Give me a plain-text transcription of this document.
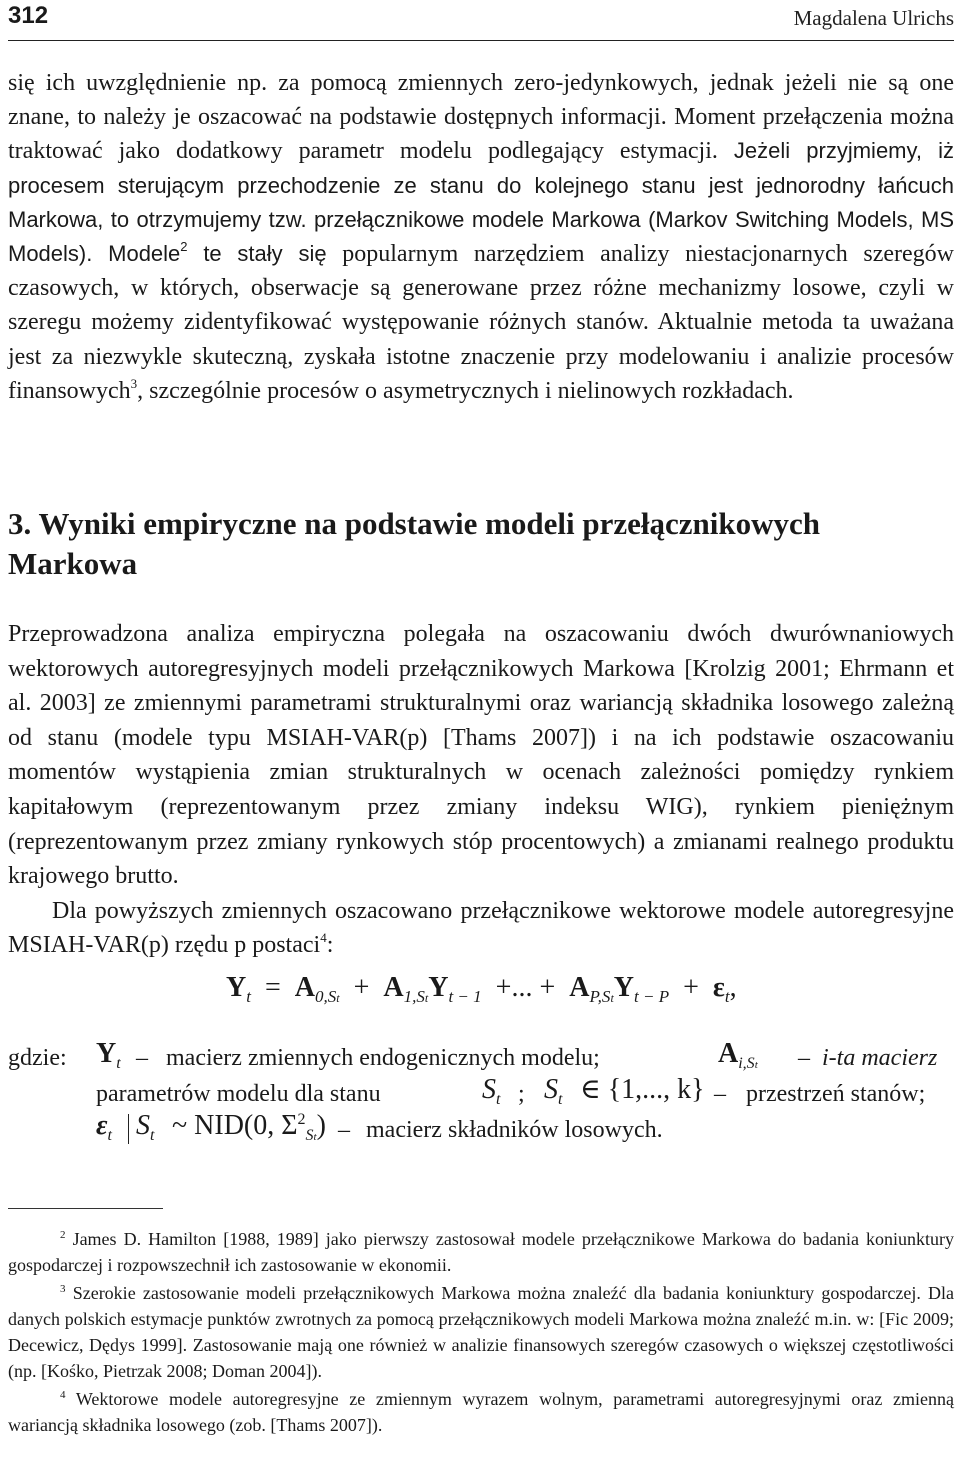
312	Magdalena Ulrichs

się ich uwzględnienie np. za pomocą zmiennych zero-jedynkowych, jednak jeżeli nie są one znane, to należy je oszacować na podstawie dostępnych informacji. Moment przełączenia można traktować jako dodatkowy parametr modelu podlegający estymacji. Jeżeli przyjmiemy, iż procesem sterującym przechodzenie ze stanu do kolejnego stanu jest jednorodny łańcuch Markowa, to otrzymujemy tzw. przełącznikowe modele Markowa (Markov Switching Models, MS Models). Modele$^2$ te stały się popularnym narzędziem analizy niestacjonarnych szeregów czasowych, w których, obserwacje są generowane przez różne mechanizmy losowe, czyli w szeregu możemy zidentyfikować występowanie różnych stanów. Aktualnie metoda ta uważana jest za niezwykle skuteczną, zyskała istotne znaczenie przy modelowaniu i analizie procesów finansowych$^3$, szczególnie procesów o asymetrycznych i nielinowych rozkładach.

3. Wyniki empiryczne na podstawie modeli przełącznikowych Markowa

Przeprowadzona analiza empiryczna polegała na oszacowaniu dwóch dwurównaniowych wektorowych autoregresyjnych modeli przełącznikowych Markowa [Krolzig 2001; Ehrmann et al. 2003] ze zmiennymi parametrami strukturalnymi oraz wariancją składnika losowego zależną od stanu (modele typu MSIAH-VAR(p) [Thams 2007]) i na ich podstawie oszacowaniu momentów wystąpienia zmian strukturalnych w ocenach zależności pomiędzy rynkiem kapitałowym (reprezentowanym przez zmiany indeksu WIG), rynkiem pieniężnym (reprezentowanym przez zmiany rynkowych stóp procentowych) a zmianami realnego produktu krajowego brutto.

Dla powyższych zmiennych oszacowano przełącznikowe wektorowe modele autoregresyjne MSIAH-VAR(p) rzędu p postaci$^4$:

$Y_t = A_{0,St} + A_{1,St}Y_{t - 1}$ +... + $A_{P,St}Y_{t - P} + \varepsilon_t$,
gdzie: $Y_t$ – macierz zmiennych endogenicznych modelu;	$A_{i,St} - i-ta$ macierz
parametrów modelu dla stanu	$S_t$ ; $S_t$ ∈ {1,..., k} – przestrzeń stanów;
$\varepsilon_t$ $S_t$ ~ NID(0, $\Sigma^2_{St}$) – macierz składników losowych.

$^2$ James D. Hamilton [1988, 1989] jako pierwszy zastosował modele przełącznikowe Markowa do badania koniunktury gospodarczej i rozpowszechnił ich zastosowanie w ekonomii.

$^3$ Szerokie zastosowanie modeli przełącznikowych Markowa można znaleźć dla badania koniunktury gospodarczej. Dla danych polskich estymacje punktów zwrotnych za pomocą przełącznikowych modeli Markowa można znaleźć m.in. w: [Fic 2009; Decewicz, Dędys 1999]. Zastosowanie mają one również w analizie finansowych szeregów czasowych o większej częstotliwości (np. [Kośko, Pietrzak 2008; Doman 2004]).

$^4$ Wektorowe modele autoregresyjne ze zmiennym wyrazem wolnym, parametrami autoregresyjnymi oraz zmienną wariancją składnika losowego (zob. [Thams 2007]).
